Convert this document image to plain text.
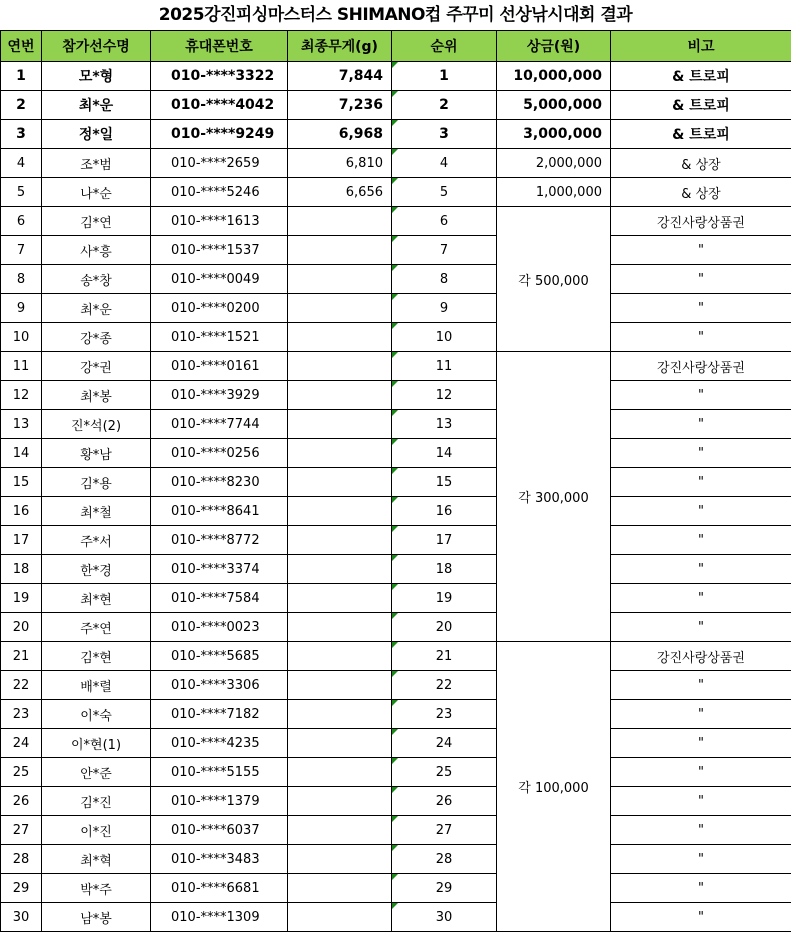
2025강진피싱마스터스 SHIMANO컵 주꾸미 선상낚시대회 결과
연번	참가선수명	휴대폰번호	최종무게(g)	순위	상금(원)	비고
1	모*형	010-****3322	7,844	1	10,000,000	& 트로피
2	최*운	010-****4042	7,236	2	5,000,000	& 트로피
3	정*일	010-****9249	6,968	3	3,000,000	& 트로피
4	조*범	010-****2659	6,810	4	2,000,000	& 상장
5	나*순	010-****5246	6,656	5	1,000,000	& 상장
6	김*연	010-****1613		6	각 500,000	강진사랑상품권
7	사*흥	010-****1537		7		"
8	송*창	010-****0049		8		"
9	최*운	010-****0200		9		"
10	강*종	010-****1521		10		"
11	강*권	010-****0161		11	각 300,000	강진사랑상품권
12	최*봉	010-****3929		12		"
13	진*석(2)	010-****7744		13		"
14	황*남	010-****0256		14		"
15	김*용	010-****8230		15		"
16	최*철	010-****8641		16		"
17	주*서	010-****8772		17		"
18	한*경	010-****3374		18		"
19	최*현	010-****7584		19		"
20	주*연	010-****0023		20		"
21	김*현	010-****5685		21	각 100,000	강진사랑상품권
22	배*렬	010-****3306		22		"
23	이*숙	010-****7182		23		"
24	이*현(1)	010-****4235		24		"
25	안*준	010-****5155		25		"
26	김*진	010-****1379		26		"
27	이*진	010-****6037		27		"
28	최*혁	010-****3483		28		"
29	박*주	010-****6681		29		"
30	남*봉	010-****1309		30		"
